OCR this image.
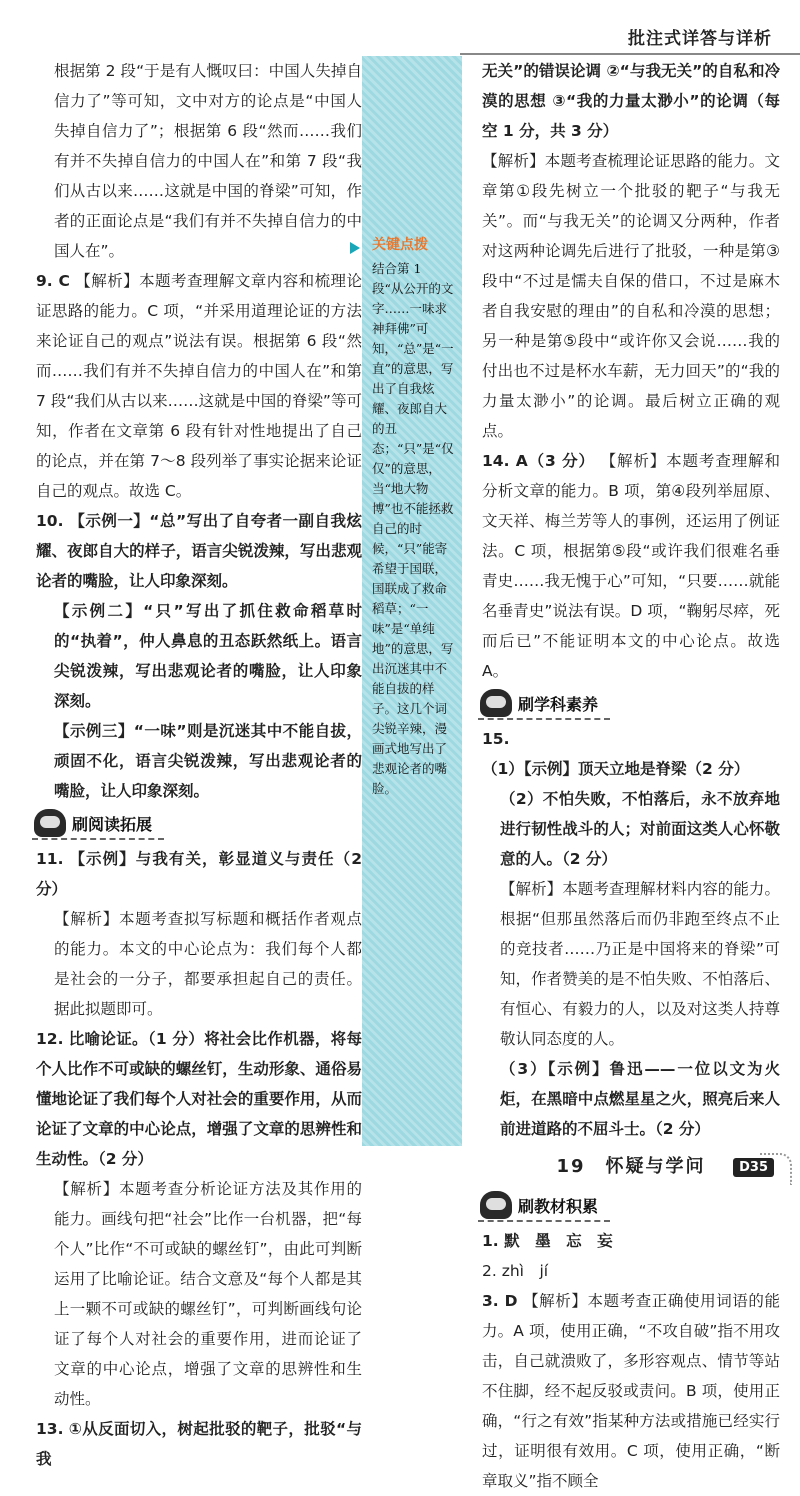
批注式详答与详析
关键点拨
结合第 1 段“从公开的文字……一味求神拜佛”可知，“总”是“一直”的意思，写出了自我炫耀、夜郎自大的丑态；“只”是“仅仅”的意思，当“地大物博”也不能拯救自己的时候，“只”能寄希望于国联，国联成了救命稻草；“一味”是“单纯地”的意思，写出沉迷其中不能自拔的样子。这几个词尖锐辛辣，漫画式地写出了悲观论者的嘴脸。

根据第 2 段“于是有人慨叹曰：中国人失掉自信力了”等可知，文中对方的论点是“中国人失掉自信力了”；根据第 6 段“然而……我们有并不失掉自信力的中国人在”和第 7 段“我们从古以来……这就是中国的脊梁”可知，作者的正面论点是“我们有并不失掉自信力的中国人在”。

9. C 【解析】本题考查理解文章内容和梳理论证思路的能力。C 项，“并采用道理论证的方法来论证自己的观点”说法有误。根据第 6 段“然而……我们有并不失掉自信力的中国人在”和第 7 段“我们从古以来……这就是中国的脊梁”等可知，作者在文章第 6 段有针对性地提出了自己的论点，并在第 7～8 段列举了事实论据来论证自己的观点。故选 C。

10. 【示例一】“总”写出了自夸者一副自我炫耀、夜郎自大的样子，语言尖锐泼辣，写出悲观论者的嘴脸，让人印象深刻。

【示例二】“只”写出了抓住救命稻草时的“执着”，仲人鼻息的丑态跃然纸上。语言尖锐泼辣，写出悲观论者的嘴脸，让人印象深刻。

【示例三】“一味”则是沉迷其中不能自拔，顽固不化，语言尖锐泼辣，写出悲观论者的嘴脸，让人印象深刻。

刷阅读拓展

11. 【示例】与我有关，彰显道义与责任（2 分）

【解析】本题考查拟写标题和概括作者观点的能力。本文的中心论点为：我们每个人都是社会的一分子，都要承担起自己的责任。据此拟题即可。

12. 比喻论证。（1 分）将社会比作机器，将每个人比作不可或缺的螺丝钉，生动形象、通俗易懂地论证了我们每个人对社会的重要作用，从而论证了文章的中心论点，增强了文章的思辨性和生动性。（2 分）

【解析】本题考查分析论证方法及其作用的能力。画线句把“社会”比作一台机器，把“每个人”比作“不可或缺的螺丝钉”，由此可判断运用了比喻论证。结合文意及“每个人都是其上一颗不可或缺的螺丝钉”，可判断画线句论证了每个人对社会的重要作用，进而论证了文章的中心论点，增强了文章的思辨性和生动性。

13. ①从反面切入，树起批驳的靶子，批驳“与我

无关”的错误论调 ②“与我无关”的自私和冷漠的思想 ③“我的力量太渺小”的论调（每空 1 分，共 3 分）

【解析】本题考查梳理论证思路的能力。文章第①段先树立一个批驳的靶子“与我无关”。而“与我无关”的论调又分两种，作者对这两种论调先后进行了批驳，一种是第③段中“不过是懦夫自保的借口，不过是麻木者自我安慰的理由”的自私和冷漠的思想；另一种是第⑤段中“或许你又会说……我的付出也不过是杯水车薪，无力回天”的“我的力量太渺小”的论调。最后树立正确的观点。

14. A（3 分） 【解析】本题考查理解和分析文章的能力。B 项，第④段列举屈原、文天祥、梅兰芳等人的事例，还运用了例证法。C 项，根据第⑤段“或许我们很难名垂青史……我无愧于心”可知，“只要……就能名垂青史”说法有误。D 项，“鞠躬尽瘁，死而后已”不能证明本文的中心论点。故选 A。

刷学科素养

15. （1）【示例】顶天立地是脊梁（2 分）

（2）不怕失败，不怕落后，永不放弃地进行韧性战斗的人；对前面这类人心怀敬意的人。（2 分）

【解析】本题考查理解材料内容的能力。根据“但那虽然落后而仍非跑至终点不止的竞技者……乃正是中国将来的脊梁”可知，作者赞美的是不怕失败、不怕落后、有恒心、有毅力的人，以及对这类人持尊敬认同态度的人。

（3）【示例】鲁迅——一位以文为火炬，在黑暗中点燃星星之火，照亮后来人前进道路的不屈斗士。（2 分）

19　怀疑与学问
刷教材积累

1. 默　墨　忘　妄

2. zhì　jí

3. D 【解析】本题考查正确使用词语的能力。A 项，使用正确，“不攻自破”指不用攻击，自己就溃败了，多形容观点、情节等站不住脚，经不起反驳或责问。B 项，使用正确，“行之有效”指某种方法或措施已经实行过，证明很有效用。C 项，使用正确，“断章取义”指不顾全

D35
